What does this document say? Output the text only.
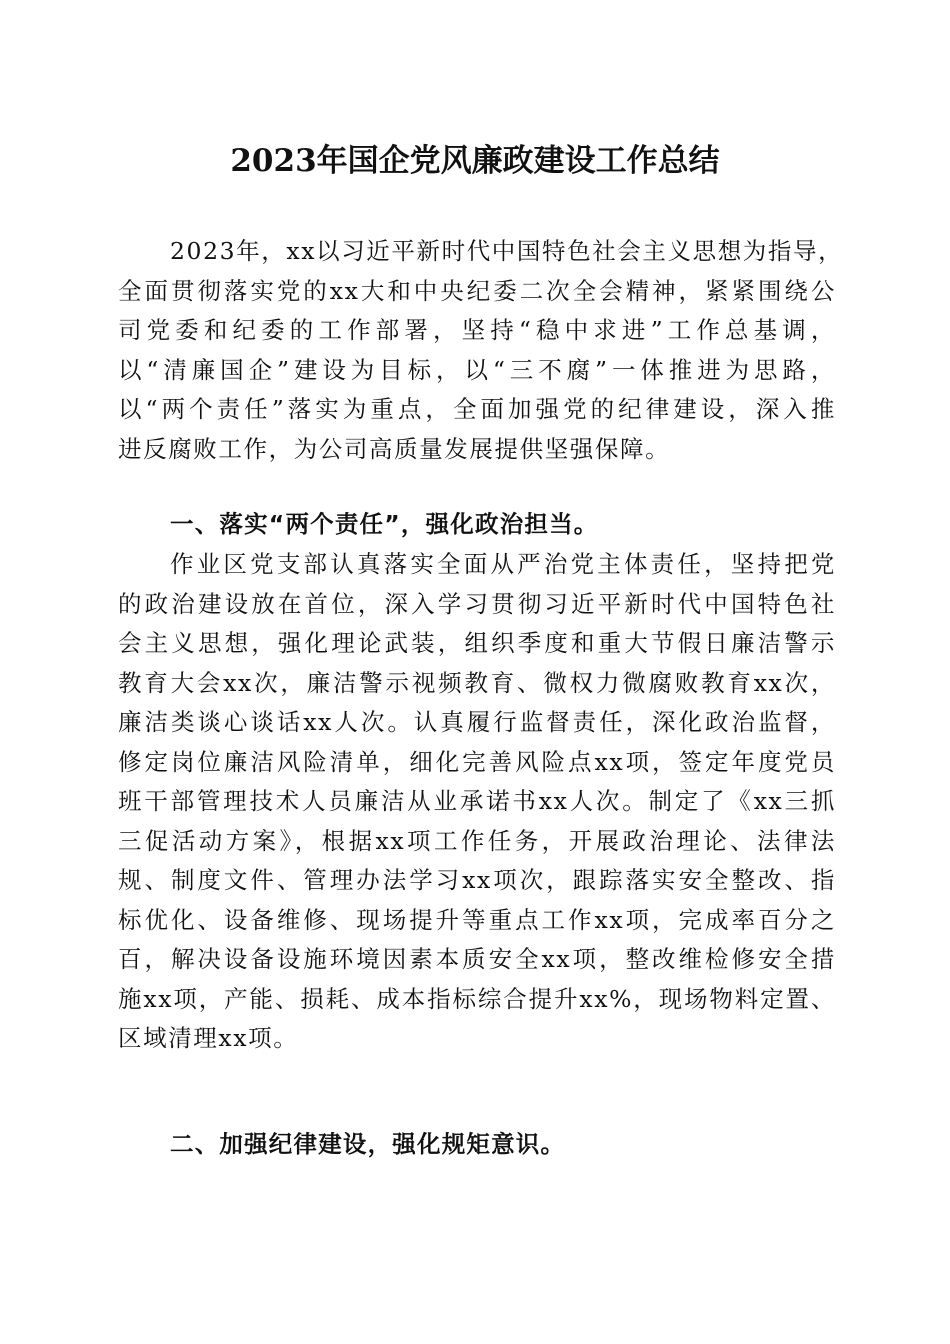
2023年国企党风廉政建设工作总结
2023年，xx以习近平新时代中国特色社会主义思想为指导，
全面贯彻落实党的xx大和中央纪委二次全会精神，紧紧围绕公
司党委和纪委的工作部署，坚持“稳中求进”工作总基调，
以“清廉国企”建设为目标，以“三不腐”一体推进为思路，
以“两个责任”落实为重点，全面加强党的纪律建设，深入推
进反腐败工作，为公司高质量发展提供坚强保障。
一、落实“两个责任”，强化政治担当。
作业区党支部认真落实全面从严治党主体责任，坚持把党
的政治建设放在首位，深入学习贯彻习近平新时代中国特色社
会主义思想，强化理论武装，组织季度和重大节假日廉洁警示
教育大会xx次，廉洁警示视频教育、微权力微腐败教育xx次，
廉洁类谈心谈话xx人次。认真履行监督责任，深化政治监督，
修定岗位廉洁风险清单，细化完善风险点xx项，签定年度党员
班干部管理技术人员廉洁从业承诺书xx人次。制定了《xx三抓
三促活动方案》，根据xx项工作任务，开展政治理论、法律法
规、制度文件、管理办法学习xx项次，跟踪落实安全整改、指
标优化、设备维修、现场提升等重点工作xx项，完成率百分之
百，解决设备设施环境因素本质安全xx项，整改维检修安全措
施xx项，产能、损耗、成本指标综合提升xx%，现场物料定置、
区域清理xx项。
二、加强纪律建设，强化规矩意识。
